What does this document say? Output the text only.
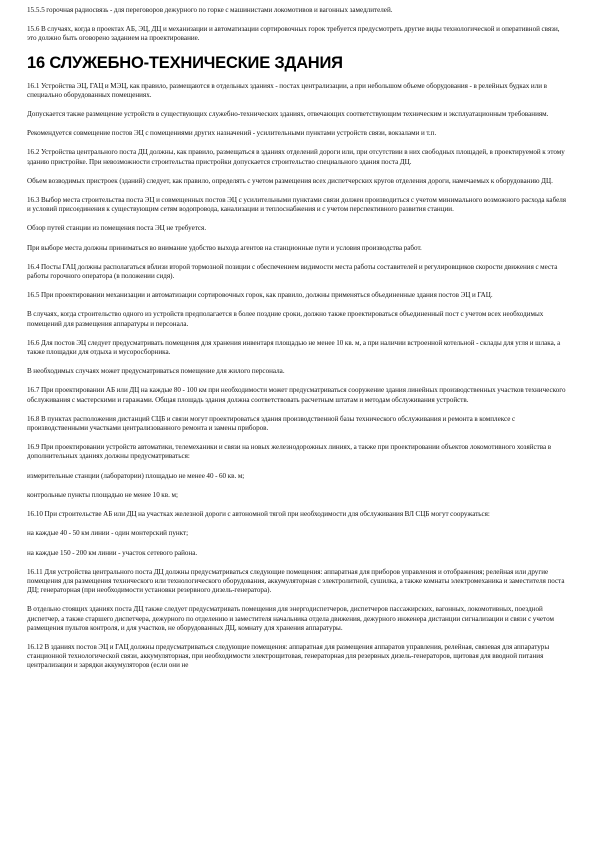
15.5.5 горочная радиосвязь - для переговоров дежурного по горке с машинистами локомотивов и вагонных замедлителей.

15.6 В случаях, когда в проектах АБ, ЭЦ, ДЦ и механизации и автоматизации сортировочных горок требуется предусмотреть другие виды технологической и оперативной связи, это должно быть оговорено заданием на проектирование.

16 СЛУЖЕБНО-ТЕХНИЧЕСКИЕ ЗДАНИЯ

16.1 Устройства ЭЦ, ГАЦ и МЭЦ, как правило, размещаются в отдельных зданиях - постах централизации, а при небольшом объеме оборудования - в релейных будках или в специально оборудованных помещениях.

Допускается также размещение устройств в существующих служебно-технических зданиях, отвечающих соответствующим техническим и эксплуатационным требованиям.

Рекомендуется совмещение постов ЭЦ с помещениями других назначений - усилительными пунктами устройств связи, вокзалами и т.п.

16.2 Устройства центрального поста ДЦ должны, как правило, размещаться в зданиях отделений дороги или, при отсутствии в них свободных площадей, в проектируемой к этому зданию пристройке. При невозможности строительства пристройки допускается строительство специального здания поста ДЦ.

Объем возводимых пристроек (зданий) следует, как правило, определять с учетом размещения всех диспетчерских кругов отделения дороги, намечаемых к оборудованию ДЦ.

16.3 Выбор места строительства поста ЭЦ и совмещенных постов ЭЦ с усилительными пунктами связи должен производиться с учетом минимального возможного расхода кабеля и условий присоединения к существующим сетям водопровода, канализации и теплоснабжения и с учетом перспективного развития станции.

Обзор путей станции из помещения поста ЭЦ не требуется.

При выборе места должны приниматься во внимание удобство выхода агентов на станционные пути и условия производства работ.

16.4 Посты ГАЦ должны располагаться вблизи второй тормозной позиции с обеспечением видимости места работы составителей и регулировщиков скорости движения с места работы горочного оператора (в положении сидя).

16.5 При проектировании механизации и автоматизации сортировочных горок, как правило, должны применяться объединенные здания постов ЭЦ и ГАЦ.

В случаях, когда строительство одного из устройств предполагается в более поздние сроки, должно также проектироваться объединенный пост с учетом всех необходимых помещений для размещения аппаратуры и персонала.

16.6 Для постов ЭЦ следует предусматривать помещения для хранения инвентаря площадью не менее 10 кв. м, а при наличии встроенной котельной - склады для угля и шлака, а также площадки для отдыха и мусоросборника.

В необходимых случаях может предусматриваться помещение для жилого персонала.

16.7 При проектировании АБ или ДЦ на каждые 80 - 100 км при необходимости может предусматриваться сооружение здания линейных производственных участков технического обслуживания с мастерскими и гаражами. Общая площадь здания должна соответствовать расчетным штатам и методам обслуживания устройств.

16.8 В пунктах расположения дистанций СЦБ и связи могут проектироваться здания производственной базы технического обслуживания и ремонта в комплексе с производственными участками централизованного ремонта и замены приборов.

16.9 При проектировании устройств автоматики, телемеханики и связи на новых железнодорожных линиях, а также при проектировании объектов локомотивного хозяйства в дополнительных зданиях должны предусматриваться:

измерительные станции (лаборатории) площадью не менее 40 - 60 кв. м;

контрольные пункты площадью не менее 10 кв. м;

16.10 При строительстве АБ или ДЦ на участках железной дороги с автономной тягой при необходимости для обслуживания ВЛ СЦБ могут сооружаться:

на каждые 40 - 50 км линии - один монтерский пункт;

на каждые 150 - 200 км линии - участок сетевого района.

16.11 Для устройства центрального поста ДЦ должны предусматриваться следующие помещения: аппаратная для приборов управления и отображения; релейная или другие помещения для размещения технического или технологического оборудования, аккумуляторная с электролитной, сушилка, а также комнаты электромеханика и заместителя поста ДЦ; генераторная (при необходимости установки резервного дизель-генератора).

В отдельно стоящих зданиях поста ДЦ также следует предусматривать помещения для энергодиспетчеров, диспетчеров пассажирских, вагонных, локомотивных, поездной диспетчер, а также старшего диспетчера, дежурного по отделению и заместителя начальника отдела движения, дежурного инженера дистанции сигнализации и связи с учетом размещения пультов контроля, и для участков, не оборудованных ДЦ, комнату для хранения аппаратуры.

16.12 В зданиях постов ЭЦ и ГАЦ должны предусматриваться следующие помещения: аппаратная для размещения аппаратов управления, релейная, связевая для аппаратуры станционной технологической связи, аккумуляторная, при необходимости электрощитовая, генераторная для резервных дизель-генераторов, щитовая для вводной питания централизации и зарядки аккумуляторов (если они не
